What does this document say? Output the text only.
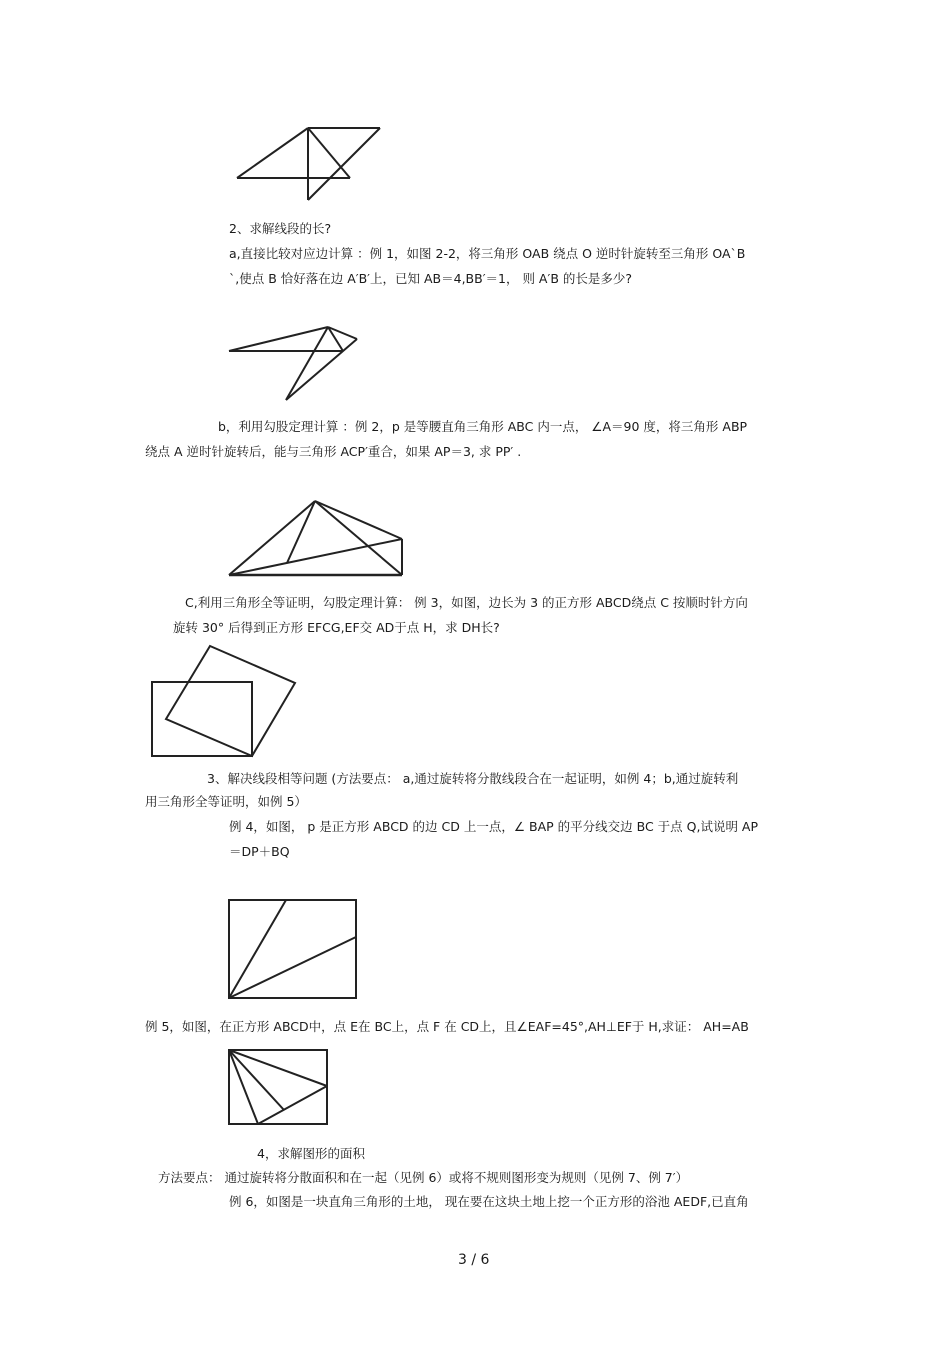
2、求解线段的长?
a,直接比较对应边计算 ：例 1，如图 2-2，将三角形 OAB 绕点 O 逆时针旋转至三角形 OA`B
`,使点 B 恰好落在边 A′B′上，已知 AB＝4,BB′＝1， 则 A′B 的长是多少?
b，利用勾股定理计算 ：例 2，p 是等腰直角三角形 ABC 内一点， ∠A＝90 度，将三角形 ABP
绕点 A 逆时针旋转后，能与三角形 ACP′重合，如果 AP＝3, 求 PP′ .
C,利用三角形全等证明，勾股定理计算： 例 3，如图，边长为 3 的正方形 ABCD绕点 C 按顺时针方向
旋转 30° 后得到正方形 EFCG,EF交 AD于点 H，求 DH长?
3、解决线段相等问题 (方法要点： a,通过旋转将分散线段合在一起证明，如例 4；b,通过旋转利
用三角形全等证明，如例 5）
例 4，如图， p 是正方形 ABCD 的边 CD 上一点，∠ BAP 的平分线交边 BC 于点 Q,试说明 AP
＝DP＋BQ
例 5，如图，在正方形 ABCD中，点 E在 BC上，点 F 在 CD上，且∠EAF=45°,AH⊥EF于 H,求证： AH=AB
4，求解图形的面积
方法要点： 通过旋转将分散面积和在一起（见例 6）或将不规则图形变为规则（见例 7、例 7′）
例 6，如图是一块直角三角形的土地， 现在要在这块土地上挖一个正方形的浴池 AEDF,已直角
3 / 6
